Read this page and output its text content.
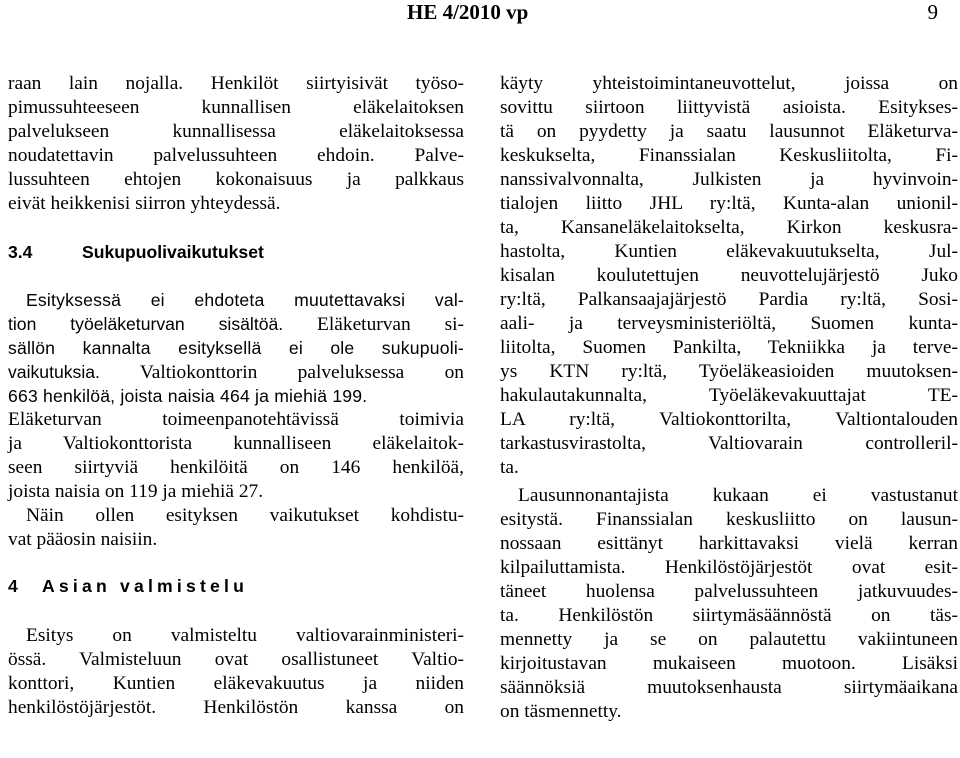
HE 4/2010 vp	9
raan lain nojalla. Henkilöt siirtyisivät työso-
pimussuhteeseen kunnallisen eläkelaitoksen
palvelukseen kunnallisessa eläkelaitoksessa
noudatettavin palvelussuhteen ehdoin. Palve-
lussuhteen ehtojen kokonaisuus ja palkkaus
eivät heikkenisi siirron yhteydessä.
3.4	Sukupuolivaikutukset
Esityksessä ei ehdoteta muutettavaksi val-
tion työeläketurvan sisältöä. Eläketurvan si-
sällön kannalta esityksellä ei ole sukupuoli-
vaikutuksia. Valtiokonttorin palveluksessa on
663 henkilöä, joista naisia 464 ja miehiä 199.
Eläketurvan toimeenpanotehtävissä toimivia
ja Valtiokonttorista kunnalliseen eläkelaitok-
seen siirtyviä henkilöitä on 146 henkilöä,
joista naisia on 119 ja miehiä 27.
Näin ollen esityksen vaikutukset kohdistu-
vat pääosin naisiin.
4 Asian valmistelu
Esitys on valmisteltu valtiovarainministeri-
össä. Valmisteluun ovat osallistuneet Valtio-
konttori, Kuntien eläkevakuutus ja niiden
henkilöstöjärjestöt. Henkilöstön kanssa on
käyty yhteistoimintaneuvottelut, joissa on
sovittu siirtoon liittyvistä asioista. Esitykses-
tä on pyydetty ja saatu lausunnot Eläketurva-
keskukselta, Finanssialan Keskusliitolta, Fi-
nanssivalvonnalta, Julkisten ja hyvinvoin-
tialojen liitto JHL ry:ltä, Kunta-alan unionil-
ta, Kansaneläkelaitokselta, Kirkon keskusra-
hastolta, Kuntien eläkevakuutukselta, Jul-
kisalan koulutettujen neuvottelujärjestö Juko
ry:ltä, Palkansaajajärjestö Pardia ry:ltä, Sosi-
aali- ja terveysministeriöltä, Suomen kunta-
liitolta, Suomen Pankilta, Tekniikka ja terve-
ys KTN ry:ltä, Työeläkeasioiden muutoksen-
hakulautakunnalta, Työeläkevakuuttajat TE-
LA ry:ltä, Valtiokonttorilta, Valtiontalouden
tarkastusvirastolta, Valtiovarain controlleril-
ta.
Lausunnonantajista kukaan ei vastustanut
esitystä. Finanssialan keskusliitto on lausun-
nossaan esittänyt harkittavaksi vielä kerran
kilpailuttamista. Henkilöstöjärjestöt ovat esit-
täneet huolensa palvelussuhteen jatkuvuudes-
ta. Henkilöstön siirtymäsäännöstä on täs-
mennetty ja se on palautettu vakiintuneen
kirjoitustavan mukaiseen muotoon. Lisäksi
säännöksiä muutoksenhausta siirtymäaikana
on täsmennetty.
